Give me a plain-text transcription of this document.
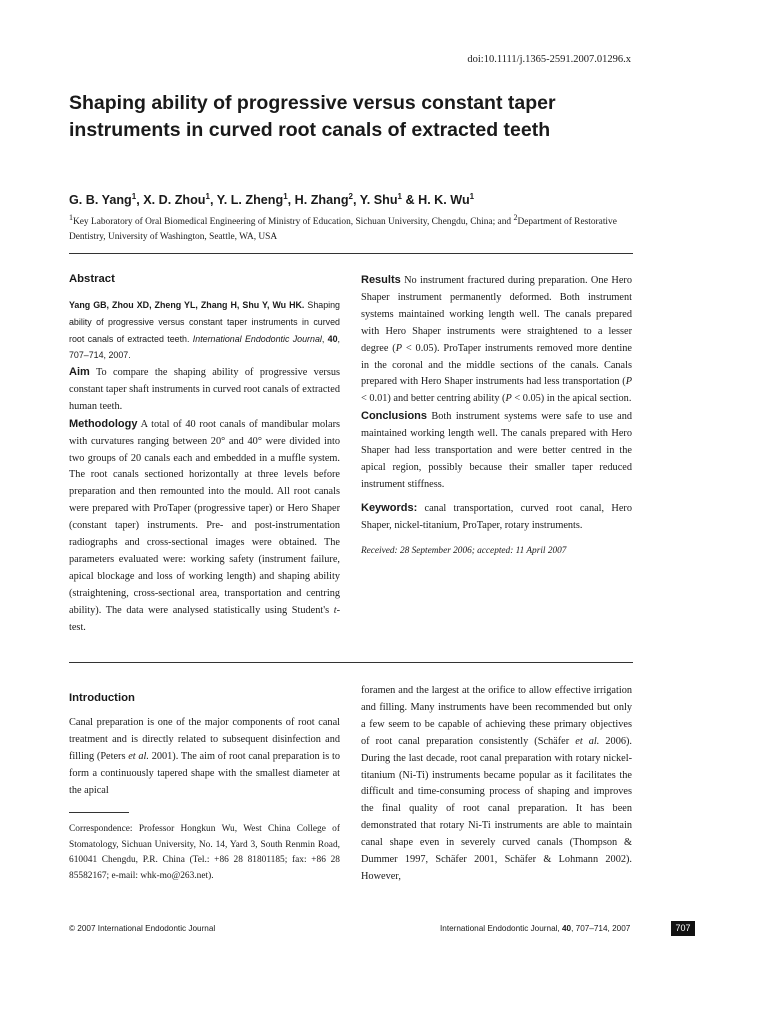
doi:10.1111/j.1365-2591.2007.01296.x
Shaping ability of progressive versus constant taper instruments in curved root canals of extracted teeth
G. B. Yang$^1$, X. D. Zhou$^1$, Y. L. Zheng$^1$, H. Zhang$^2$, Y. Shu$^1$ & H. K. Wu$^1$
$^1$Key Laboratory of Oral Biomedical Engineering of Ministry of Education, Sichuan University, Chengdu, China; and $^2$Department of Restorative Dentistry, University of Washington, Seattle, WA, USA
Abstract
Yang GB, Zhou XD, Zheng YL, Zhang H, Shu Y, Wu HK. Shaping ability of progressive versus constant taper instruments in curved root canals of extracted teeth. International Endodontic Journal, 40, 707–714, 2007.

Aim To compare the shaping ability of progressive versus constant taper shaft instruments in curved root canals of extracted human teeth.

Methodology A total of 40 root canals of mandibular molars with curvatures ranging between 20° and 40° were divided into two groups of 20 canals each and embedded in a muffle system. The root canals sectioned horizontally at three levels before preparation and then remounted into the mould. All root canals were prepared with ProTaper (progressive taper) or Hero Shaper (constant taper) instruments. Pre- and post-instrumentation radiographs and cross-sectional images were obtained. The parameters evaluated were: working safety (instrument failure, apical blockage and loss of working length) and shaping ability (straightening, cross-sectional area, transportation and centring ability). The data were analysed statistically using Student's t-test.

Results No instrument fractured during preparation. One Hero Shaper instrument permanently deformed. Both instrument systems maintained working length well. The canals prepared with Hero Shaper instruments were straightened to a lesser degree (P < 0.05). ProTaper instruments removed more dentine in the coronal and the middle sections of the canals. Canals prepared with Hero Shaper instruments had less transportation (P < 0.01) and better centring ability (P < 0.05) in the apical section.

Conclusions Both instrument systems were safe to use and maintained working length well. The canals prepared with Hero Shaper had less transportation and were better centred in the apical region, possibly because their smaller taper reduced instrument stiffness.

Keywords: canal transportation, curved root canal, Hero Shaper, nickel-titanium, ProTaper, rotary instruments.

Received: 28 September 2006; accepted: 11 April 2007

Introduction

Canal preparation is one of the major components of root canal treatment and is directly related to subsequent disinfection and filling (Peters et al. 2001). The aim of root canal preparation is to form a continuously tapered shape with the smallest diameter at the apical

foramen and the largest at the orifice to allow effective irrigation and filling. Many instruments have been recommended but only a few seem to be capable of achieving these primary objectives of root canal preparation consistently (Schäfer et al. 2006). During the last decade, root canal preparation with rotary nickel-titanium (Ni-Ti) instruments became popular as it facilitates the difficult and time-consuming process of shaping and improves the final quality of root canal preparation. It has been demonstrated that rotary Ni-Ti instruments are able to maintain canal shape even in severely curved canals (Thompson & Dummer 1997, Schäfer 2001, Schäfer & Lohmann 2002). However,

Correspondence: Professor Hongkun Wu, West China College of Stomatology, Sichuan University, No. 14, Yard 3, South Renmin Road, 610041 Chengdu, P.R. China (Tel.: +86 28 81801185; fax: +86 28 85582167; e-mail: whk-mo@263.net).
© 2007 International Endodontic Journal	International Endodontic Journal, 40, 707–714, 2007	707
